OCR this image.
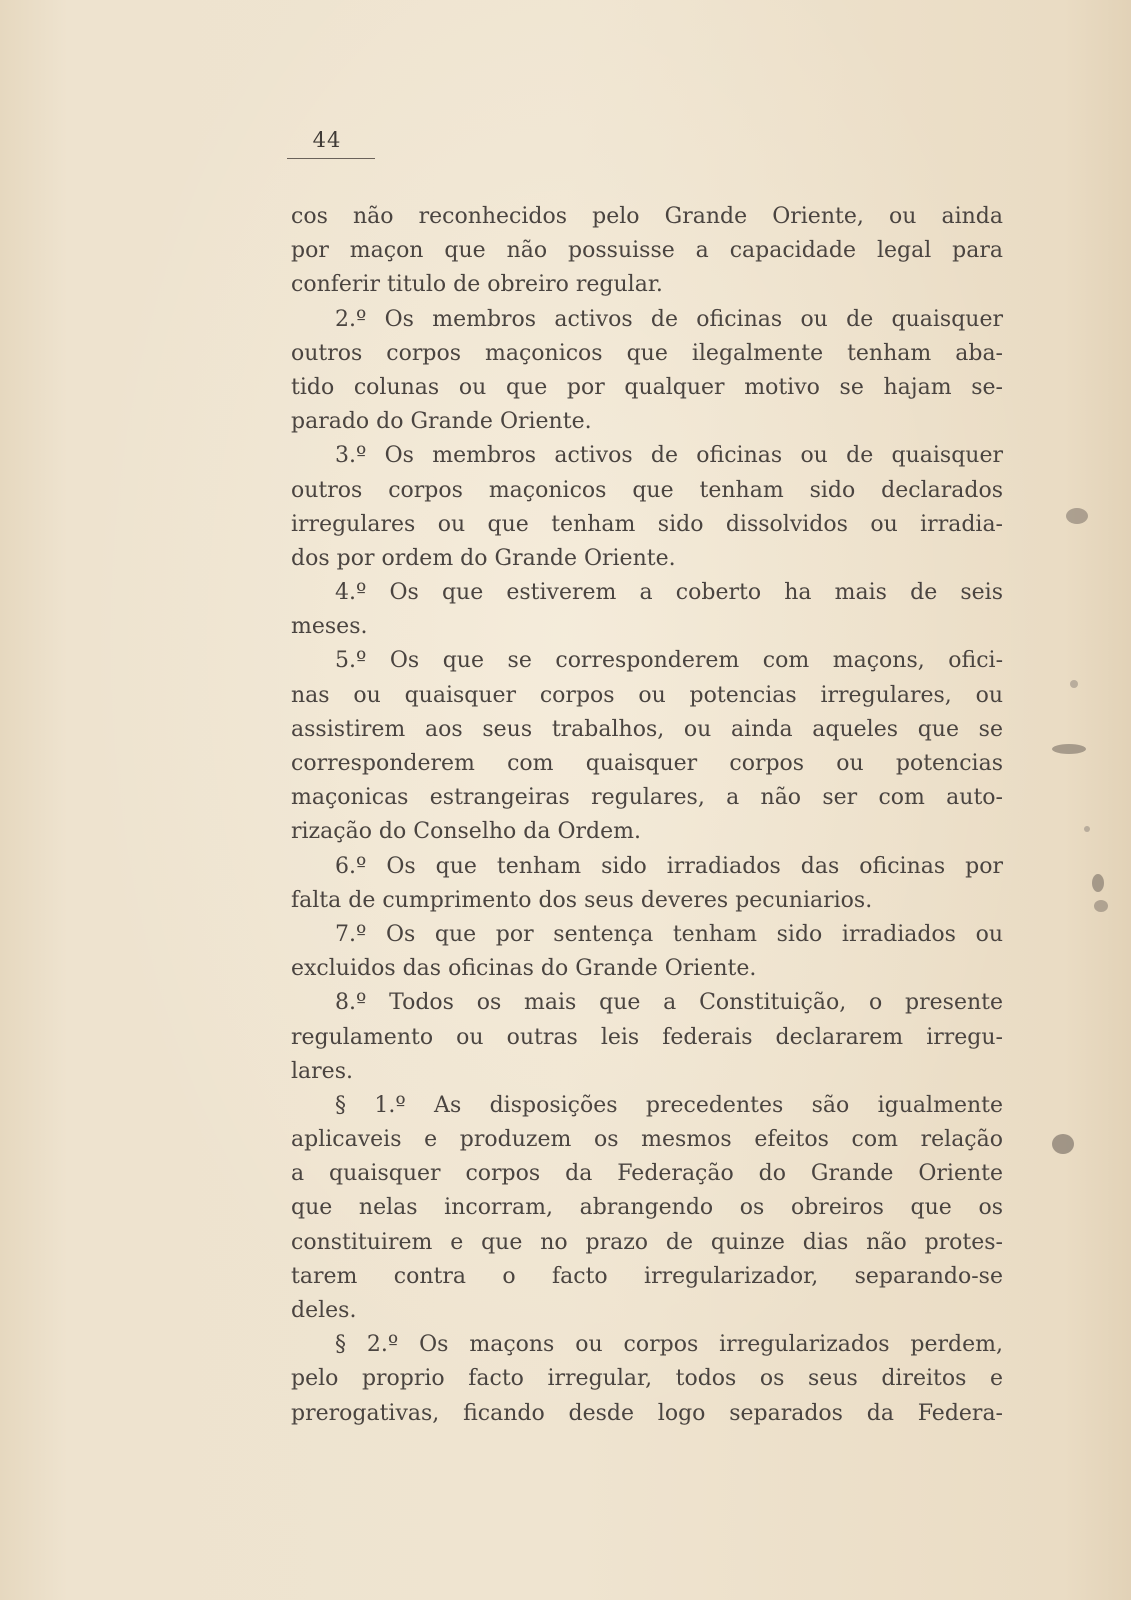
44
cos não reconhecidos pelo Grande Oriente, ou ainda
por maçon que não possuisse a capacidade legal para
conferir titulo de obreiro regular.
2.º Os membros activos de oficinas ou de quaisquer
outros corpos maçonicos que ilegalmente tenham aba-
tido colunas ou que por qualquer motivo se hajam se-
parado do Grande Oriente.
3.º Os membros activos de oficinas ou de quaisquer
outros corpos maçonicos que tenham sido declarados
irregulares ou que tenham sido dissolvidos ou irradia-
dos por ordem do Grande Oriente.
4.º Os que estiverem a coberto ha mais de seis
meses.
5.º Os que se corresponderem com maçons, ofici-
nas ou quaisquer corpos ou potencias irregulares, ou
assistirem aos seus trabalhos, ou ainda aqueles que se
corresponderem com quaisquer corpos ou potencias
maçonicas estrangeiras regulares, a não ser com auto-
rização do Conselho da Ordem.
6.º Os que tenham sido irradiados das oficinas por
falta de cumprimento dos seus deveres pecuniarios.
7.º Os que por sentença tenham sido irradiados ou
excluidos das oficinas do Grande Oriente.
8.º Todos os mais que a Constituição, o presente
regulamento ou outras leis federais declararem irregu-
lares.
§ 1.º As disposições precedentes são igualmente
aplicaveis e produzem os mesmos efeitos com relação
a quaisquer corpos da Federação do Grande Oriente
que nelas incorram, abrangendo os obreiros que os
constituirem e que no prazo de quinze dias não protes-
tarem contra o facto irregularizador, separando-se
deles.
§ 2.º Os maçons ou corpos irregularizados perdem,
pelo proprio facto irregular, todos os seus direitos e
prerogativas, ficando desde logo separados da Federa-
